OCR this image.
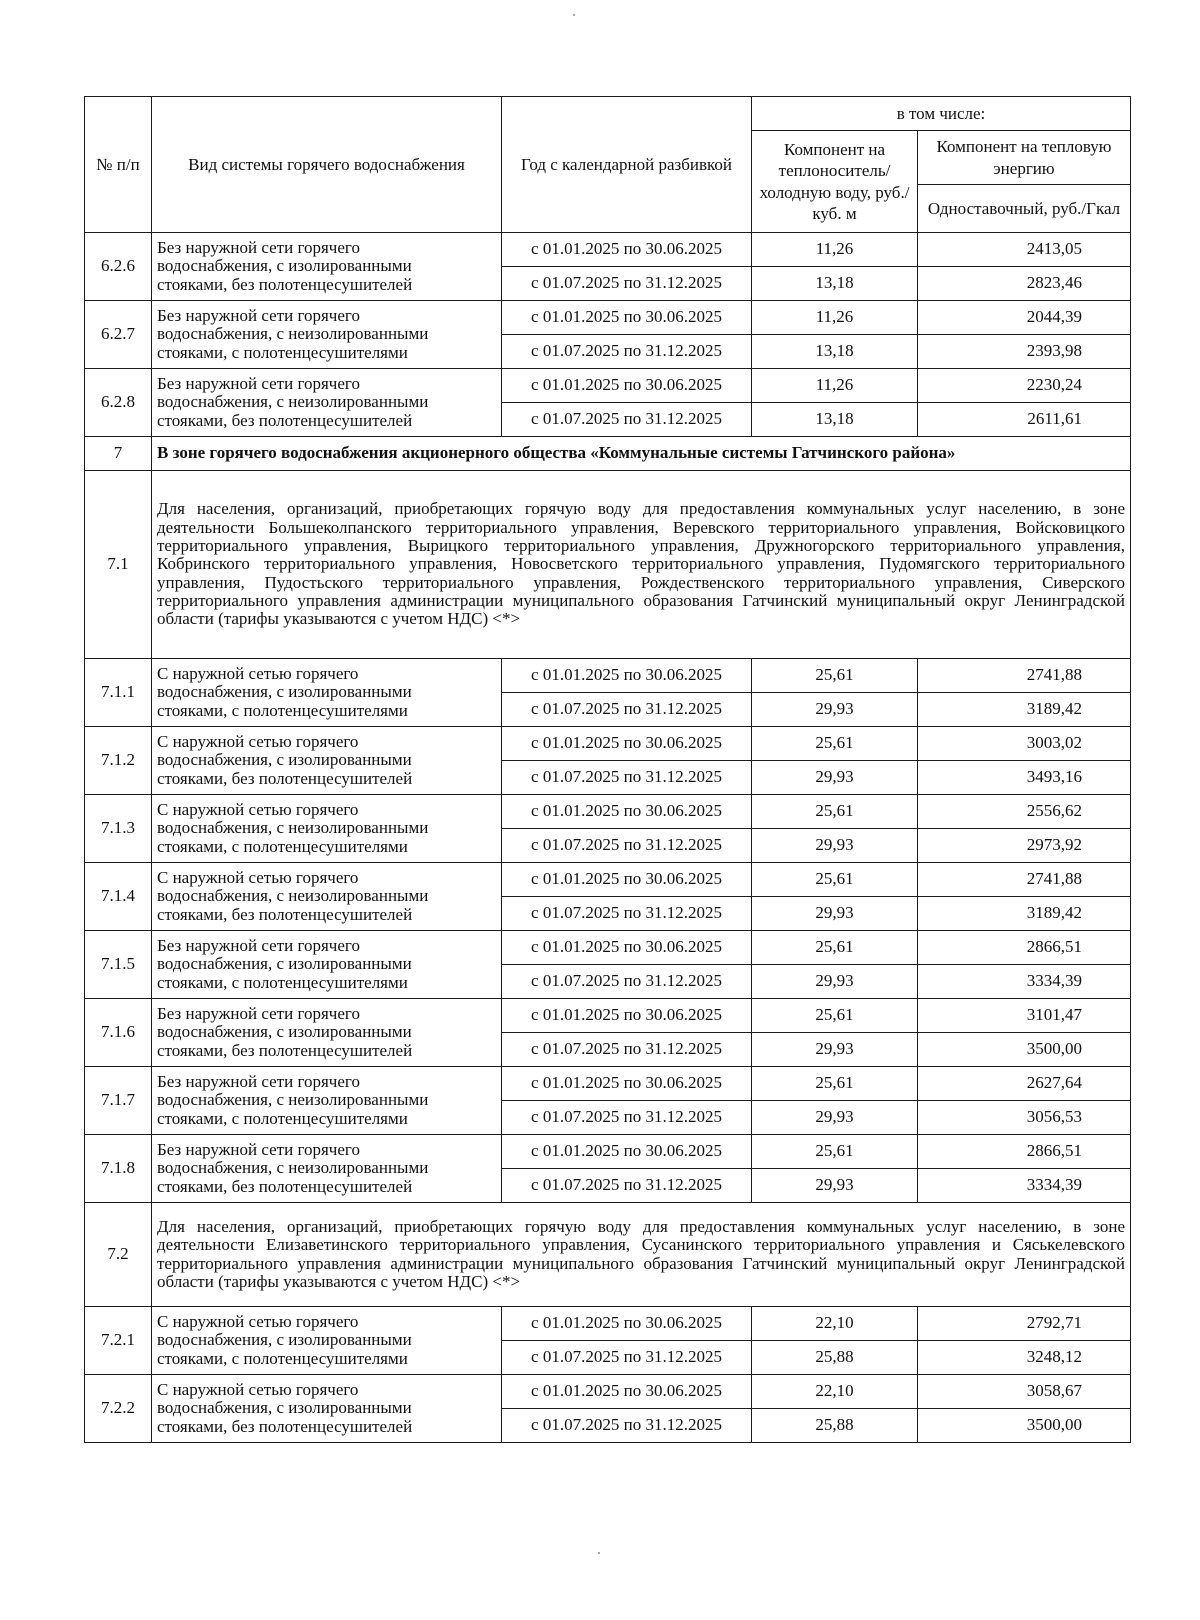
№ п/п	Вид системы горячего водоснабжения	Год с календарной разбивкой	в том числе:	
			Компонент на теплоноситель/ холодную воду, руб./куб. м	Компонент на тепловую энергию
				Одноставочный, руб./Гкал
6.2.6	Без наружной сети горячего
водоснабжения, с изолированными
стояками, без полотенцесушителей	с 01.01.2025 по 30.06.2025	11,26	2413,05
		с 01.07.2025 по 31.12.2025	13,18	2823,46
6.2.7	Без наружной сети горячего
водоснабжения, с неизолированными
стояками, с полотенцесушителями	с 01.01.2025 по 30.06.2025	11,26	2044,39
		с 01.07.2025 по 31.12.2025	13,18	2393,98
6.2.8	Без наружной сети горячего
водоснабжения, с неизолированными
стояками, без полотенцесушителей	с 01.01.2025 по 30.06.2025	11,26	2230,24
		с 01.07.2025 по 31.12.2025	13,18	2611,61
7	В зоне горячего водоснабжения акционерного общества «Коммунальные системы Гатчинского района»			
7.1	Для населения, организаций, приобретающих горячую воду для предоставления коммунальных услуг населению, в зоне деятельности Большеколпанского территориального управления, Веревского территориального управления, Войсковицкого территориального управления, Вырицкого территориального управления, Дружногорского территориального управления, Кобринского территориального управления, Новосветского территориального управления, Пудомягского территориального управления, Пудостьского территориального управления, Рождественского территориального управления, Сиверского территориального управления администрации муниципального образования Гатчинский муниципальный округ Ленинградской области (тарифы указываются с учетом НДС) <*>			
7.1.1	С наружной сетью горячего
водоснабжения, с изолированными
стояками, с полотенцесушителями	с 01.01.2025 по 30.06.2025	25,61	2741,88
		с 01.07.2025 по 31.12.2025	29,93	3189,42
7.1.2	С наружной сетью горячего
водоснабжения, с изолированными
стояками, без полотенцесушителей	с 01.01.2025 по 30.06.2025	25,61	3003,02
		с 01.07.2025 по 31.12.2025	29,93	3493,16
7.1.3	С наружной сетью горячего
водоснабжения, с неизолированными
стояками, с полотенцесушителями	с 01.01.2025 по 30.06.2025	25,61	2556,62
		с 01.07.2025 по 31.12.2025	29,93	2973,92
7.1.4	С наружной сетью горячего
водоснабжения, с неизолированными
стояками, без полотенцесушителей	с 01.01.2025 по 30.06.2025	25,61	2741,88
		с 01.07.2025 по 31.12.2025	29,93	3189,42
7.1.5	Без наружной сети горячего
водоснабжения, с изолированными
стояками, с полотенцесушителями	с 01.01.2025 по 30.06.2025	25,61	2866,51
		с 01.07.2025 по 31.12.2025	29,93	3334,39
7.1.6	Без наружной сети горячего
водоснабжения, с изолированными
стояками, без полотенцесушителей	с 01.01.2025 по 30.06.2025	25,61	3101,47
		с 01.07.2025 по 31.12.2025	29,93	3500,00
7.1.7	Без наружной сети горячего
водоснабжения, с неизолированными
стояками, с полотенцесушителями	с 01.01.2025 по 30.06.2025	25,61	2627,64
		с 01.07.2025 по 31.12.2025	29,93	3056,53
7.1.8	Без наружной сети горячего
водоснабжения, с неизолированными
стояками, без полотенцесушителей	с 01.01.2025 по 30.06.2025	25,61	2866,51
		с 01.07.2025 по 31.12.2025	29,93	3334,39
7.2	Для населения, организаций, приобретающих горячую воду для предоставления коммунальных услуг населению, в зоне деятельности Елизаветинского территориального управления, Сусанинского территориального управления и Сяськелевского территориального управления администрации муниципального образования Гатчинский муниципальный округ Ленинградской области (тарифы указываются с учетом НДС) <*>			
7.2.1	С наружной сетью горячего
водоснабжения, с изолированными
стояками, с полотенцесушителями	с 01.01.2025 по 30.06.2025	22,10	2792,71
		с 01.07.2025 по 31.12.2025	25,88	3248,12
7.2.2	С наружной сетью горячего
водоснабжения, с изолированными
стояками, без полотенцесушителей	с 01.01.2025 по 30.06.2025	22,10	3058,67
		с 01.07.2025 по 31.12.2025	25,88	3500,00
